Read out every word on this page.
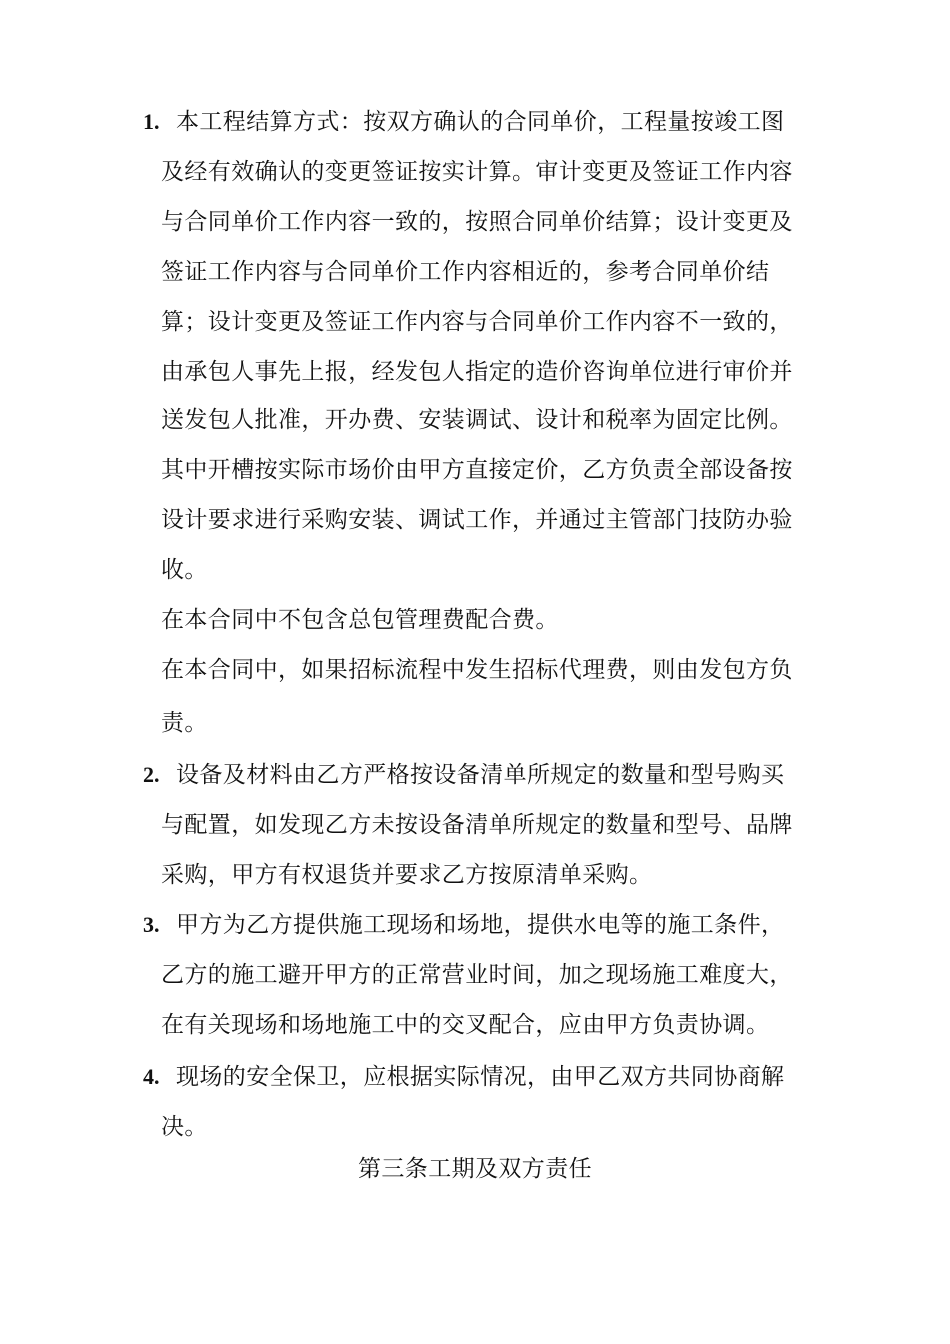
1. 本工程结算方式：按双方确认的合同单价，工程量按竣工图
及经有效确认的变更签证按实计算。审计变更及签证工作内容
与合同单价工作内容一致的，按照合同单价结算；设计变更及
签证工作内容与合同单价工作内容相近的，参考合同单价结
算；设计变更及签证工作内容与合同单价工作内容不一致的，
由承包人事先上报，经发包人指定的造价咨询单位进行审价并
送发包人批准，开办费、安装调试、设计和税率为固定比例。
其中开槽按实际市场价由甲方直接定价，乙方负责全部设备按
设计要求进行采购安装、调试工作，并通过主管部门技防办验
收。
在本合同中不包含总包管理费配合费。
在本合同中，如果招标流程中发生招标代理费，则由发包方负
责。
2. 设备及材料由乙方严格按设备清单所规定的数量和型号购买
与配置，如发现乙方未按设备清单所规定的数量和型号、品牌
采购，甲方有权退货并要求乙方按原清单采购。
3. 甲方为乙方提供施工现场和场地，提供水电等的施工条件，
乙方的施工避开甲方的正常营业时间，加之现场施工难度大，
在有关现场和场地施工中的交叉配合，应由甲方负责协调。
4. 现场的安全保卫，应根据实际情况，由甲乙双方共同协商解
决。
第三条工期及双方责任
